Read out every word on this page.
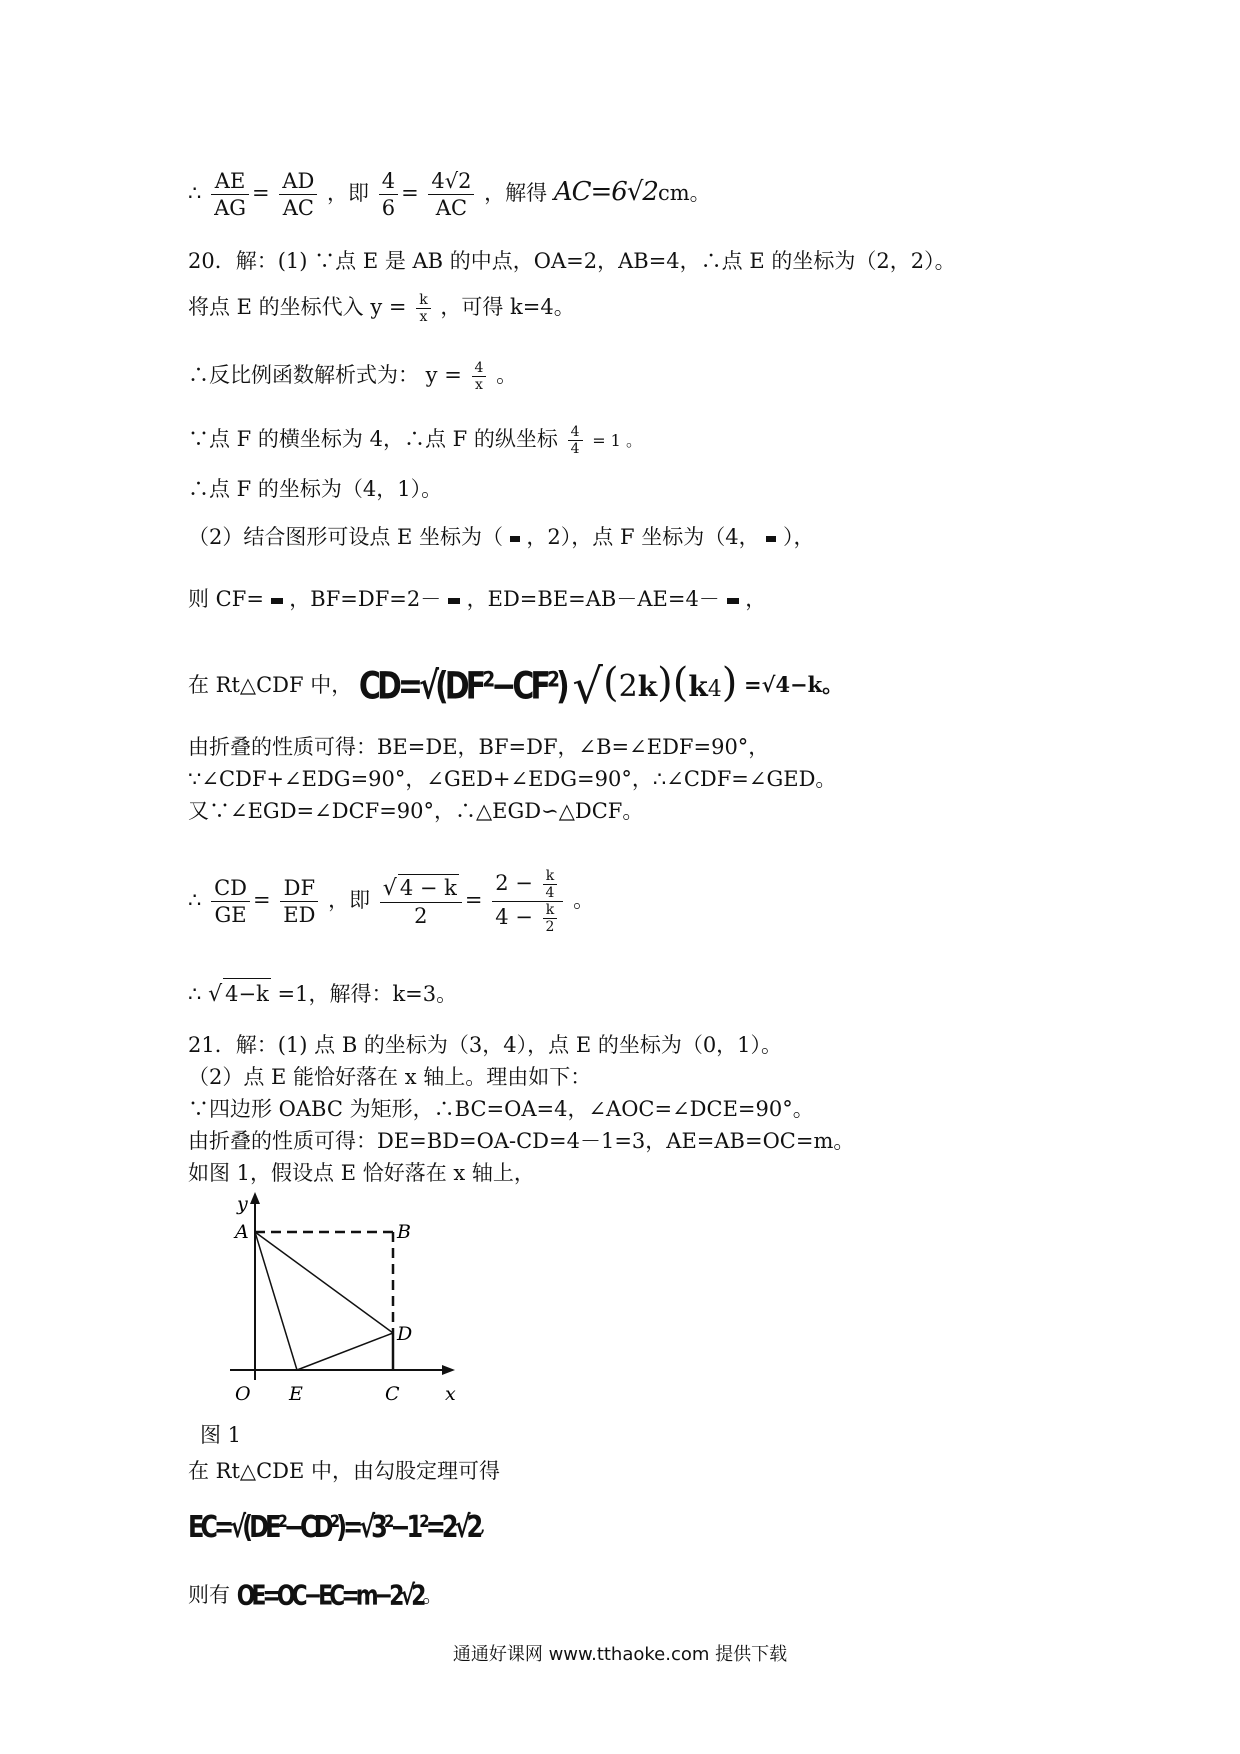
∴ $\frac{AE}{AG} = \frac{AD}{AC}$ ，即 $\frac{4}{6} = \frac{4√2}{AC}$ ，解得 AC=6√2cm。
20．解：(1) ∵点 E 是 AB 的中点，OA=2，AB=4，∴点 E 的坐标为（2，2）。
将点 E 的坐标代入 $y = \frac{k}{x}$ ，可得 k=4。
∴反比例函数解析式为： $y = \frac{4}{x}$ 。
∵点 F 的横坐标为 4，∴点 F 的纵坐标 $\frac{4}{4} = 1$ 。
∴点 F 的坐标为（4，1）。
（2）结合图形可设点 E 坐标为（ ，2），点 F 坐标为（4， ），
则 CF= ，BF=DF=2－ ，ED=BE=AB－AE=4－ ，
在 Rt△CDF 中， CD=√(DF²−CF²) √(2k)(k4) =√4−k。
由折叠的性质可得：BE=DE，BF=DF，∠B=∠EDF=90°，
∵∠CDF+∠EDG=90°，∠GED+∠EDG=90°，∴∠CDF=∠GED。
又∵∠EGD=∠DCF=90°，∴△EGD∽△DCF。
∴ $\frac{CD}{GE} = \frac{DF}{ED}$ ，即 $\frac{√ 4 - k}{2} = \frac{2 - \frac{k}{4}}{4 - \frac{k}{2}}$ 。
∴ √ 4−k =1，解得：k=3。
21．解：(1) 点 B 的坐标为（3，4），点 E 的坐标为（0，1）。
（2）点 E 能恰好落在 x 轴上。理由如下：
∵四边形 OABC 为矩形，∴BC=OA=4，∠AOC=∠DCE=90°。
由折叠的性质可得：DE=BD=OA-CD=4－1=3，AE=AB=OC=m。
如图 1，假设点 E 恰好落在 x 轴上，
y
A	B
D
O E	C x
图 1
在 Rt△CDE 中，由勾股定理可得
EC=√(DE²−CD²)=√3²−1²=2√2,
则有 OE=OC−EC=m−2√2。
通通好课网 www.tthaoke.com 提供下载
